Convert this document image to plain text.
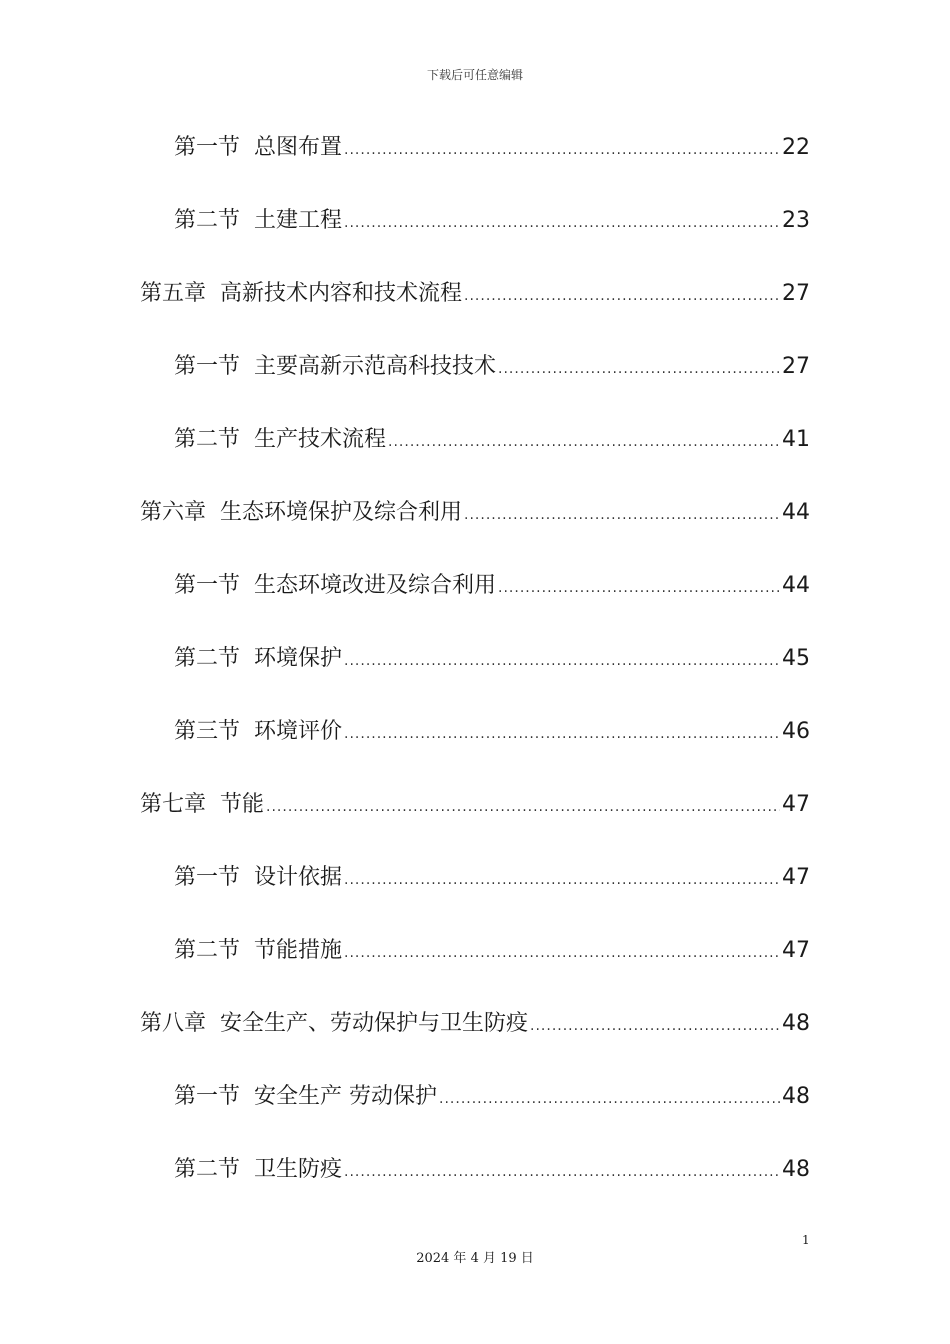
下载后可任意编辑
第一节 总图布置 .....	22
第二节 土建工程 .....	23
第五章 高新技术内容和技术流程 .....	27
第一节 主要高新示范高科技技术 .....	27
第二节 生产技术流程 .....	41
第六章 生态环境保护及综合利用 .....	44
第一节 生态环境改进及综合利用 .....	44
第二节 环境保护 .....	45
第三节 环境评价 .....	46
第七章 节能 .....	47
第一节 设计依据 .....	47
第二节 节能措施 .....	47
第八章 安全生产、劳动保护与卫生防疫 .....	48
第一节 安全生产 劳动保护 .....	48
第二节 卫生防疫 .....	48
1
2024 年 4 月 19 日
